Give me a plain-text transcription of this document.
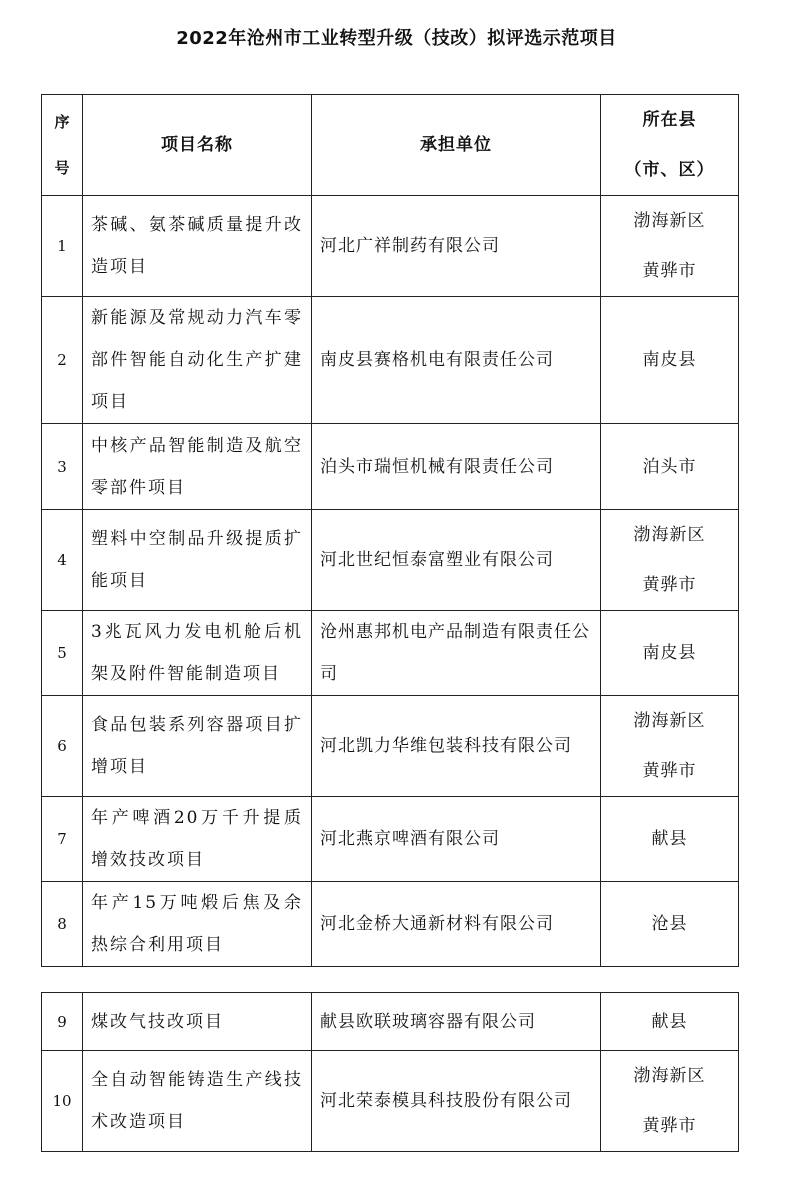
2022年沧州市工业转型升级（技改）拟评选示范项目
序
号	项目名称	承担单位	所在县
（市、区）

1	茶碱、氨茶碱质量提升改造项目	河北广祥制药有限公司	渤海新区
黄骅市

2	新能源及常规动力汽车零部件智能自动化生产扩建项目	南皮县赛格机电有限责任公司	南皮县

3	中核产品智能制造及航空零部件项目	泊头市瑞恒机械有限责任公司	泊头市

4	塑料中空制品升级提质扩能项目	河北世纪恒泰富塑业有限公司	渤海新区
黄骅市

5	3兆瓦风力发电机舱后机架及附件智能制造项目	沧州惠邦机电产品制造有限责任公司	南皮县

6	食品包装系列容器项目扩增项目	河北凯力华维包装科技有限公司	渤海新区
黄骅市

7	年产啤酒20万千升提质增效技改项目	河北燕京啤酒有限公司	献县

8	年产15万吨煅后焦及余热综合利用项目	河北金桥大通新材料有限公司	沧县
9	煤改气技改项目	献县欧联玻璃容器有限公司	献县

10	全自动智能铸造生产线技术改造项目	河北荣泰模具科技股份有限公司	渤海新区
黄骅市
